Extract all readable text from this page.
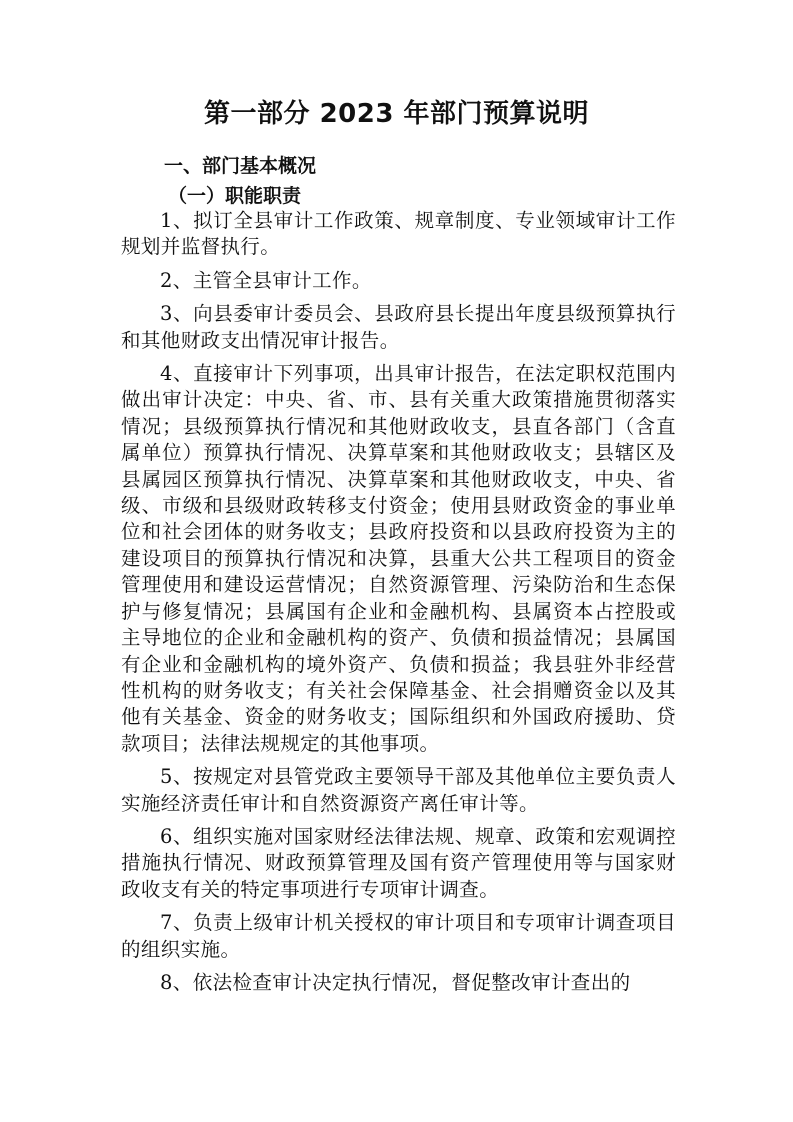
第一部分 2023 年部门预算说明
一、部门基本概况
（一）职能职责

1、拟订全县审计工作政策、规章制度、专业领域审计工作规划并监督执行。

2、主管全县审计工作。

3、向县委审计委员会、县政府县长提出年度县级预算执行和其他财政支出情况审计报告。

4、直接审计下列事项，出具审计报告，在法定职权范围内做出审计决定：中央、省、市、县有关重大政策措施贯彻落实情况；县级预算执行情况和其他财政收支，县直各部门（含直属单位）预算执行情况、决算草案和其他财政收支；县辖区及县属园区预算执行情况、决算草案和其他财政收支，中央、省级、市级和县级财政转移支付资金；使用县财政资金的事业单位和社会团体的财务收支；县政府投资和以县政府投资为主的建设项目的预算执行情况和决算，县重大公共工程项目的资金管理使用和建设运营情况；自然资源管理、污染防治和生态保护与修复情况；县属国有企业和金融机构、县属资本占控股或主导地位的企业和金融机构的资产、负债和损益情况；县属国有企业和金融机构的境外资产、负债和损益；我县驻外非经营性机构的财务收支；有关社会保障基金、社会捐赠资金以及其他有关基金、资金的财务收支；国际组织和外国政府援助、贷款项目；法律法规规定的其他事项。

5、按规定对县管党政主要领导干部及其他单位主要负责人实施经济责任审计和自然资源资产离任审计等。

6、组织实施对国家财经法律法规、规章、政策和宏观调控措施执行情况、财政预算管理及国有资产管理使用等与国家财政收支有关的特定事项进行专项审计调查。

7、负责上级审计机关授权的审计项目和专项审计调查项目的组织实施。

8、依法检查审计决定执行情况，督促整改审计查出的
